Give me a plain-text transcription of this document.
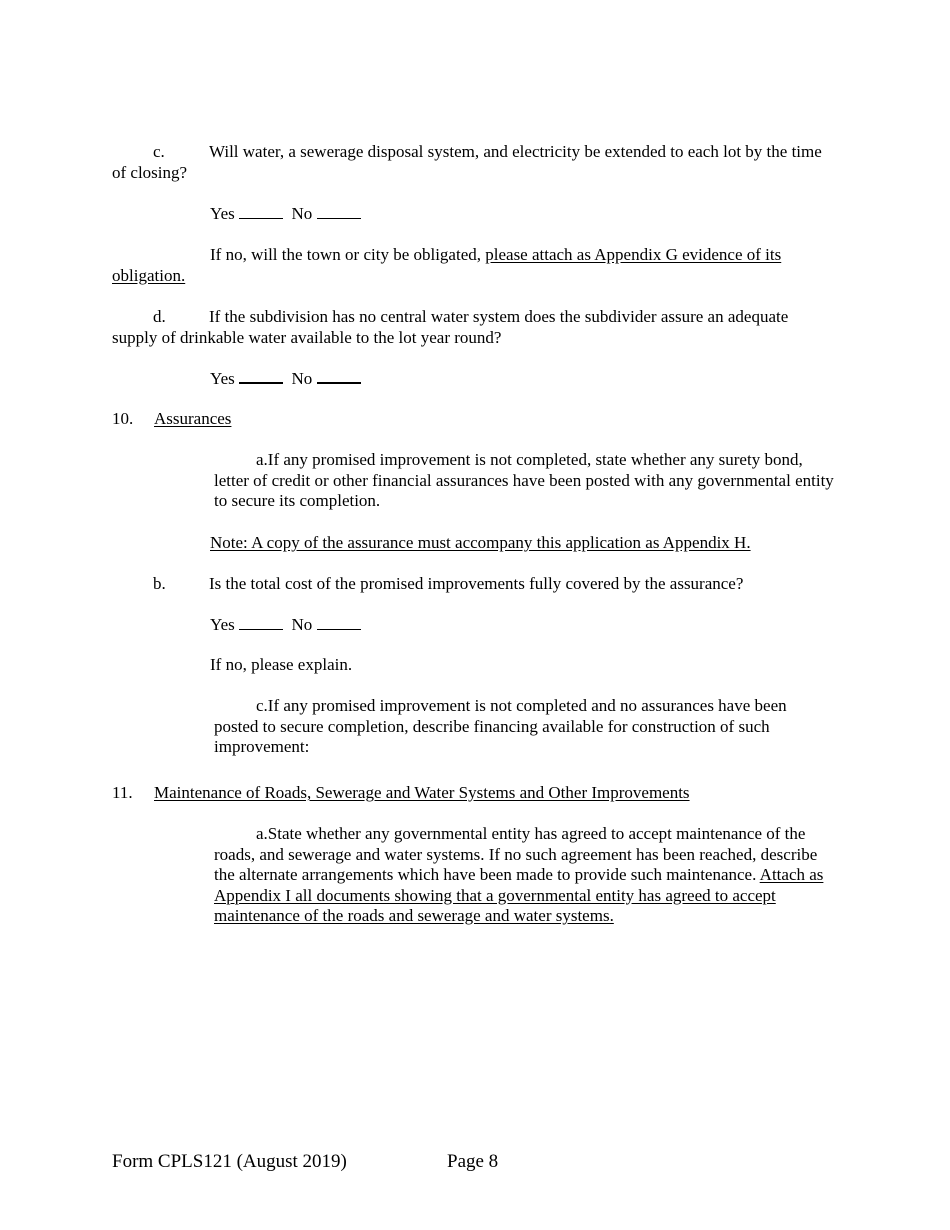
c.	Will water, a sewerage disposal system, and electricity be extended to each lot by the time of closing?

Yes	No

If no, will the town or city be obligated, please attach as Appendix G evidence of its obligation.

d.	If the subdivision has no central water system does the subdivider assure an adequate supply of drinkable water available to the lot year round?

Yes	No
10. Assurances

a.If any promised improvement is not completed, state whether any surety bond, letter of credit or other financial assurances have been posted with any governmental entity to secure its completion.

Note: A copy of the assurance must accompany this application as Appendix H.
b.	Is the total cost of the promised improvements fully covered by the assurance?
Yes	No
If no, please explain.

c.If any promised improvement is not completed and no assurances have been posted to secure completion, describe financing available for construction of such improvement:

11. Maintenance of Roads, Sewerage and Water Systems and Other Improvements

a.State whether any governmental entity has agreed to accept maintenance of the roads, and sewerage and water systems. If no such agreement has been reached, describe the alternate arrangements which have been made to provide such maintenance. Attach as Appendix I all documents showing that a governmental entity has agreed to accept maintenance of the roads and sewerage and water systems.

Form CPLS121 (August 2019)	Page 8
